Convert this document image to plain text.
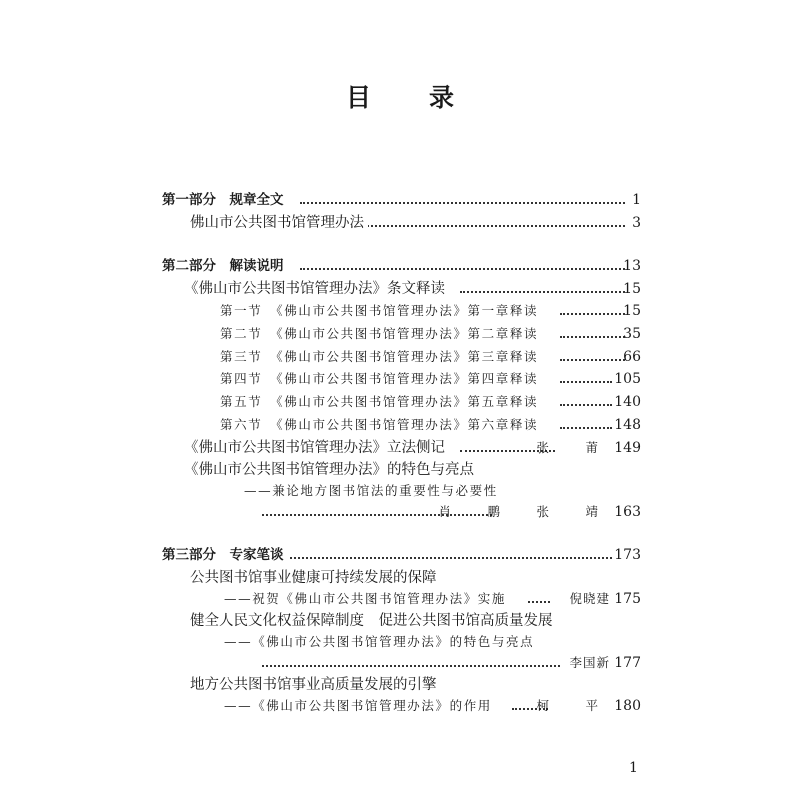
目 录
第一部分　规章全文	1
佛山市公共图书馆管理办法	3
第二部分　解读说明	13
《佛山市公共图书馆管理办法》条文释读	15
第一节　《佛山市公共图书馆管理办法》第一章释读	15
第二节　《佛山市公共图书馆管理办法》第二章释读	35
第三节　《佛山市公共图书馆管理办法》第三章释读	66
第四节　《佛山市公共图书馆管理办法》第四章释读	105
第五节　《佛山市公共图书馆管理办法》第五章释读	140
第六节　《佛山市公共图书馆管理办法》第六章释读	148
《佛山市公共图书馆管理办法》立法侧记	张　莆 149
《佛山市公共图书馆管理办法》的特色与亮点
——兼论地方图书馆法的重要性与必要性
肖　鹏　张　靖 163
第三部分　专家笔谈	173
公共图书馆事业健康可持续发展的保障
——祝贺《佛山市公共图书馆管理办法》实施	倪晓建 175
健全人民文化权益保障制度　促进公共图书馆高质量发展
——《佛山市公共图书馆管理办法》的特色与亮点
李国新 177
地方公共图书馆事业高质量发展的引擎
——《佛山市公共图书馆管理办法》的作用	柯　平 180
1
